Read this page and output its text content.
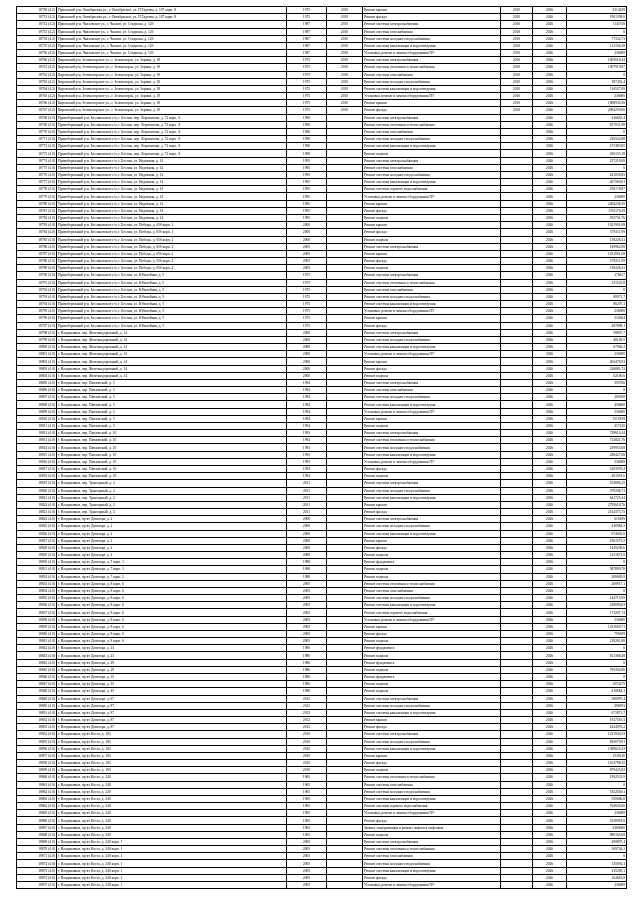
18750 (4.2)	Приокский р-н, Октябрьская ул., г. Октябрьское, ул. П.Тадеева, д. 107 корп. 8	1975	2010	Ремонт крыши	2010	2026	2314229
18751 (4.2)	Приокский р-н, Октябрьская ул., г. Октябрьское, ул. П.Тадеева, д. 107 корп. 8	1975	2010	Ремонт фасада	2010	2026	1901338,6
18752 (4.2)	Приокский р-н, Чкаловское ул., г. Чкалов, ул. Стадиона, д. 12б	1987	2010	Ремонт системы электроснабжения	2010	2026	1143749
18753 (4.2)	Приокский р-н, Чкаловское ул., г. Чкалов, ул. Стадиона, д. 12б	1987	2010	Ремонт системы газоснабжения	2010	2026	0
18754 (4.2)	Приокский р-н, Чкаловское ул., г. Чкалов, ул. Стадиона, д. 12б	1987	2010	Ремонт системы холодного водоснабжения	2010	2026	77332,73
18755 (4.2)	Приокский р-н, Чкаловское ул., г. Чкалов, ул. Стадиона, д. 12б	1987	2010	Ремонт системы канализации и водоотведения	2010	2026	121156,38
18756 (4.2)	Приокский р-н, Чкаловское ул., г. Чкалов, ул. Стадиона, д. 12б	1987	2010	Установка, ремонт и замена оборудования ПУ	2010	2026	236000
18760 (4.2)	Кировский р-н, Зеленогорское ул., г. Зеленогорск, ул. Зорина, д. 18	1975	2010	Ремонт системы электроснабжения	2010	2026	1005616,34
18761 (4.2)	Кировский р-н, Зеленогорское ул., г. Зеленогорск, ул. Зорина, д. 18	1975	2010	Ремонт системы отопления и теплоснабжения	2010	2026	1007919,87
18762 (4.2)	Кировский р-н, Зеленогорское ул., г. Зеленогорск, ул. Зорина, д. 18	1975	2010	Ремонт системы газоснабжения	2010	2026	0
18763 (4.2)	Кировский р-н, Зеленогорское ул., г. Зеленогорск, ул. Зорина, д. 18	1975	2010	Ремонт системы холодного водоснабжения	2010	2026	187452,4
18764 (4.2)	Кировский р-н, Зеленогорское ул., г. Зеленогорск, ул. Зорина, д. 18	1975	2010	Ремонт системы канализации и водоотведения	2010	2026	116527,09
18765 (4.2)	Кировский р-н, Зеленогорское ул., г. Зеленогорск, ул. Зорина, д. 18	1975	2010	Установка, ремонт и замена оборудования ПУ	2010	2026	236000
18766 (4.2)	Кировский р-н, Зеленогорское ул., г. Зеленогорск, ул. Зорина, д. 18	1975	2010	Ремонт крыши	2010	2026	1868930,38
18767 (4.2)	Кировский р-н, Зеленогорское ул., г. Зеленогорск, ул. Зорина, д. 18	1975	2010	Ремонт фасада	2010	2026	2964259,06
18768 (4.0)	Правобережный р-н, Беслановское г/п, г. Беслан, пер. Лермонтова, д. 72 корп. А	1990		Ремонт системы электроснабжения		2026	436655,4
18769 (4.0)	Правобережный р-н, Беслановское г/п, г. Беслан, пер. Лермонтова, д. 72 корп. А	1990		Ремонт системы отопления и теплоснабжения		2026	817031,98
18770 (4.0)	Правобережный р-н, Беслановское г/п, г. Беслан, пер. Лермонтова, д. 72 корп. А	1990		Ремонт системы газоснабжения		2026	0
18771 (4.0)	Правобережный р-н, Беслановское г/п, г. Беслан, пер. Лермонтова, д. 72 корп. А	1990		Ремонт системы холодного водоснабжения		2026	236522,88
18772 (4.0)	Правобережный р-н, Беслановское г/п, г. Беслан, пер. Лермонтова, д. 72 корп. А	1990		Ремонт системы канализации и водоотведения		2026	157483,85
18773 (4.0)	Правобережный р-н, Беслановское г/п, г. Беслан, пер. Лермонтова, д. 72 корп. А	1990		Ремонт подвала		2026	456133,18
18774 (4.0)	Правобережный р-н, Беслановское г/п, г. Беслан, ул. Надежная, д. 14	1995		Ремонт системы электроснабжения		2026	257218,69
18775 (4.0)	Правобережный р-н, Беслановское г/п, г. Беслан, ул. Надежная, д. 14	1995		Ремонт системы газоснабжения		2026	0
18776 (4.0)	Правобережный р-н, Беслановское г/п, г. Беслан, ул. Надежная, д. 14	1995		Ремонт системы холодного водоснабжения		2026	241058,85
18777 (4.0)	Правобережный р-н, Беслановское г/п, г. Беслан, ул. Надежная, д. 14	1995		Ремонт системы канализации и водоотведения		2026	407569,61
18778 (4.0)	Правобережный р-н, Беслановское г/п, г. Беслан, ул. Надежная, д. 14	1995		Ремонт системы горячего водоснабжения		2026	258178,87
18779 (4.0)	Правобережный р-н, Беслановское г/п, г. Беслан, ул. Надежная, д. 14	1995		Установка, ремонт и замена оборудования ПУ		2026	236000
18780 (4.0)	Правобережный р-н, Беслановское г/п, г. Беслан, ул. Надежная, д. 14	1995		Ремонт крыши		2026	2404238,39
18781 (4.0)	Правобережный р-н, Беслановское г/п, г. Беслан, ул. Надежная, д. 14	1995		Ремонт фасада		2026	1761176,39
18782 (4.0)	Правобережный р-н, Беслановское г/п, г. Беслан, ул. Надежная, д. 14	1995		Ремонт подвала		2026	353731,76
18783 (4.0)	Правобережный р-н, Беслановское г/п, г. Беслан, ул. Победы, д. 65б корп. 1	2000		Ремонт крыши		2026	1021901,08
18784 (4.0)	Правобережный р-н, Беслановское г/п, г. Беслан, ул. Победы, д. 65б корп. 1	2000		Ремонт фасада		2026	578111,99
18785 (4.0)	Правобережный р-н, Беслановское г/п, г. Беслан, ул. Победы, д. 65б корп. 1	2000		Ремонт подвала		2026	158226,41
18786 (4.0)	Правобережный р-н, Беслановское г/п, г. Беслан, ул. Победы, д. 65б корп. 2	2005		Ремонт системы электроснабжения		2026	149962,08
18787 (4.0)	Правобережный р-н, Беслановское г/п, г. Беслан, ул. Победы, д. 65б корп. 2	2005		Ремонт крыши		2026	1021901,08
18788 (4.0)	Правобережный р-н, Беслановское г/п, г. Беслан, ул. Победы, д. 65б корп. 2	2005		Ремонт фасада		2026	578111,99
18789 (4.0)	Правобережный р-н, Беслановское г/п, г. Беслан, ул. Победы, д. 65б корп. 2	2005		Ремонт подвала		2026	158226,41
18790 (4.0)	Правобережный р-н, Беслановское г/п, г. Беслан, ул. Юбилейная, д. 5	1975		Ремонт системы электроснабжения		2026	276617
18791 (4.0)	Правобережный р-н, Беслановское г/п, г. Беслан, ул. Юбилейная, д. 5	1975		Ремонт системы отопления и теплоснабжения		2026	141525,8
18792 (4.0)	Правобережный р-н, Беслановское г/п, г. Беслан, ул. Юбилейная, д. 5	1975		Ремонт системы газоснабжения		2026	0
18793 (4.0)	Правобережный р-н, Беслановское г/п, г. Беслан, ул. Юбилейная, д. 5	1975		Ремонт системы холодного водоснабжения		2026	89971,7
18794 (4.0)	Правобережный р-н, Беслановское г/п, г. Беслан, ул. Юбилейная, д. 5	1975		Ремонт системы канализации и водоотведения		2026	86207,3
18795 (4.0)	Правобережный р-н, Беслановское г/п, г. Беслан, ул. Юбилейная, д. 5	1975		Установка, ремонт и замена оборудования ПУ		2026	236000
18796 (4.0)	Правобережный р-н, Беслановское г/п, г. Беслан, ул. Юбилейная, д. 5	1975		Ремонт крыши		2026	216564
18797 (4.0)	Правобережный р-н, Беслановское г/п, г. Беслан, ул. Юбилейная, д. 5	1975		Ремонт фасада		2026	287809,1
18798 (4.0)	г. Владикавказ, пер. Железнодорожный, д. 14	2000		Ремонт системы электроснабжения		2026	58807,7
18799 (4.0)	г. Владикавказ, пер. Железнодорожный, д. 14	2000		Ремонт системы холодного водоснабжения		2026	40149,5
18800 (4.0)	г. Владикавказ, пер. Железнодорожный, д. 14	2000		Ремонт системы канализации и водоотведения		2026	67946,2
18801 (4.0)	г. Владикавказ, пер. Железнодорожный, д. 14	2000		Установка, ремонт и замена оборудования ПУ		2026	236000
18802 (4.0)	г. Владикавказ, пер. Железнодорожный, д. 14	2000		Ремонт крыши		2026	402478,93
18803 (4.0)	г. Владикавказ, пер. Железнодорожный, д. 14	2000		Ремонт фасада		2026	226881,72
18804 (4.0)	г. Владикавказ, пер. Железнодорожный, д. 14	2000		Ремонт подвала		2026	62100,6
18805 (4.0)	г. Владикавказ, пер. Павловский, д. 3	1994		Ремонт системы электроснабжения		2026	395760
18806 (4.0)	г. Владикавказ, пер. Павловский, д. 3	1994		Ремонт системы газоснабжения		2026	0
18807 (4.0)	г. Владикавказ, пер. Павловский, д. 3	1994		Ремонт системы холодного водоснабжения		2026	269100
18808 (4.0)	г. Владикавказ, пер. Павловский, д. 3	1994		Ремонт системы канализации и водоотведения		2026	456660
18809 (4.0)	г. Владикавказ, пер. Павловский, д. 3	1994		Установка, ремонт и замена оборудования ПУ		2026	236000
18810 (4.0)	г. Владикавказ, пер. Павловский, д. 3	1994		Ремонт крыши		2026	1510159
18811 (4.0)	г. Владикавказ, пер. Павловский, д. 3	1994		Ремонт подвала		2026	417220
18812 (4.0)	г. Владикавказ, пер. Павловский, д. 10	1993		Ремонт системы электроснабжения		2026	729614,44
18813 (4.0)	г. Владикавказ, пер. Павловский, д. 10	1993		Ремонт системы отопления и теплоснабжения		2026	712821,76
18814 (4.0)	г. Владикавказ, пер. Павловский, д. 10	1993		Ремонт системы холодного водоснабжения		2026	259955,08
18815 (4.0)	г. Владикавказ, пер. Павловский, д. 10	1993		Ремонт системы канализации и водоотведения		2026	438427,68
18816 (4.0)	г. Владикавказ, пер. Павловский, д. 10	1993		Установка, ремонт и замена оборудования ПУ		2026	236000
18817 (4.0)	г. Владикавказ, пер. Павловский, д. 10	1993		Ремонт фасада		2026	1463976,4
18818 (4.0)	г. Владикавказ, пер. Павловский, д. 10	1993		Ремонт подвала		2026	401591,6
18819 (4.0)	г. Владикавказ, пер. Тракторный, д. 2	2011		Ремонт системы электроснабжения		2026	554886,25
18820 (4.0)	г. Владикавказ, пер. Тракторный, д. 2	2011		Ремонт системы холодного водоснабжения		2026	379206,73
18821 (4.0)	г. Владикавказ, пер. Тракторный, д. 2	2011		Ремонт системы канализации и водоотведения		2026	641725,24
18822 (4.0)	г. Владикавказ, пер. Тракторный, д. 2	2011		Ремонт крыши		2026	2795618,76
18823 (4.0)	г. Владикавказ, пер. Тракторный, д. 2	2011		Ремонт фасада		2026	2144373,75
18824 (4.0)	г. Владикавказ, пр-кт Доватора, д. 2	2000		Ремонт системы электроснабжения		2026	616189
18825 (4.0)	г. Владикавказ, пр-кт Доватора, д. 2	2000		Ремонт системы холодного водоснабжения		2026	420984,5
18826 (4.0)	г. Владикавказ, пр-кт Доватора, д. 2	2000		Ремонт системы канализации и водоотведения		2026	674692,6
18827 (4.0)	г. Владикавказ, пр-кт Доватора, д. 2	2000		Ремонт крыши		2026	1961573,5
18828 (4.0)	г. Владикавказ, пр-кт Доватора, д. 2	2000		Ремонт фасада		2026	1445238,6
18829 (4.0)	г. Владикавказ, пр-кт Доватора, д. 2	2000		Ремонт подвала		2026	1251872,6
18830 (4.0)	г. Владикавказ, пр-кт Доватора, д. 7 корп. 1	1988		Ремонт фундамента		2026	0
18831 (4.0)	г. Владикавказ, пр-кт Доватора, д. 7 корп. 1	1988		Ремонт подвала		2026	587899,78
18832 (4.0)	г. Владикавказ, пр-кт Доватора, д. 7 корп. 2	1988		Ремонт подвала		2026	206849,9
18833 (4.0)	г. Владикавказ, пр-кт Доватора, д. 8 корп. 6	2005		Ремонт системы отопления и теплоснабжения		2026	269917,1
18834 (4.0)	г. Владикавказ, пр-кт Доватора, д. 8 корп. 6	2005		Ремонт системы газоснабжения		2026	0
18835 (4.0)	г. Владикавказ, пр-кт Доватора, д. 8 корп. 6	2005		Ремонт системы холодного водоснабжения		2026	144715,95
18836 (4.0)	г. Владикавказ, пр-кт Доватора, д. 8 корп. 6	2005		Ремонт системы канализации и водоотведения		2026	238090,03
18837 (4.0)	г. Владикавказ, пр-кт Доватора, д. 8 корп. 6	2005		Ремонт системы горячего водоснабжения		2026	173207,74
18838 (4.0)	г. Владикавказ, пр-кт Доватора, д. 8 корп. 6	2005		Установка, ремонт и замена оборудования ПУ		2026	236000
18839 (4.0)	г. Владикавказ, пр-кт Доватора, д. 8 корп. 6	2005		Ремонт крыши		2026	1431600,71
18840 (4.0)	г. Владикавказ, пр-кт Доватора, д. 8 корп. 6	2005		Ремонт фасада		2026	795639
18841 (4.0)	г. Владикавказ, пр-кт Доватора, д. 8 корп. 6	2005		Ремонт подвала		2026	218281,88
18842 (4.0)	г. Владикавказ, пр-кт Доватора, д. 23	1986		Ремонт фундамента		2026	0
18843 (4.0)	г. Владикавказ, пр-кт Доватора, д. 23	1986		Ремонт подвала		2026	811368,48
18844 (4.0)	г. Владикавказ, пр-кт Доватора, д. 29	1986		Ремонт фундамента		2026	0
18845 (4.0)	г. Владикавказ, пр-кт Доватора, д. 29	1986		Ремонт подвала		2026	795302,86
18846 (4.0)	г. Владикавказ, пр-кт Доватора, д. 35	1986		Ремонт фундамента		2026	0
18847 (4.0)	г. Владикавказ, пр-кт Доватора, д. 35	1986		Ремонт подвала		2026	1053279
18848 (4.0)	г. Владикавказ, пр-кт Доватора, д. 45	1980		Ремонт подвала		2026	410684,3
18849 (4.0)	г. Владикавказ, пр-кт Доватора, д. 67	2012		Ремонт системы электроснабжения		2026	580997,4
18850 (4.0)	г. Владикавказ, пр-кт Доватора, д. 87	2012		Ремонт системы холодного водоснабжения		2026	396953
18851 (4.0)	г. Владикавказ, пр-кт Доватора, д. 87	2012		Ремонт системы канализации и водоотведения		2026	671871,7
18852 (4.0)	г. Владикавказ, пр-кт Доватора, д. 87	2012		Ремонт крыши		2026	1927516,3
18853 (4.0)	г. Владикавказ, пр-кт Доватора, д. 87	2012		Ремонт фасада		2026	2244976,2
18854 (4.0)	г. Владикавказ, пр-кт Коста, д. 183	2010		Ремонт системы электроснабжения		2026	1221944,33
18855 (4.0)	г. Владикавказ, пр-кт Коста, д. 183	2010		Ремонт системы холодного водоснабжения		2026	835079,91
18856 (4.0)	г. Владикавказ, пр-кт Коста, д. 183	2010		Ремонт системы канализации и водоотведения		2026	1389023,33
18857 (4.0)	г. Владикавказ, пр-кт Коста, д. 183	2010		Ремонт крыши		2026	1538120
18858 (4.0)	г. Владикавказ, пр-кт Коста, д. 183	2010		Ремонт фасада		2026	1614798,35
18859 (4.0)	г. Владикавказ, пр-кт Коста, д. 183	2010		Ремонт подвала		2026	879425,82
18860 (4.0)	г. Владикавказ, пр-кт Коста, д. 240	1965		Ремонт системы отопления и теплоснабжения		2026	1992531,9
18861 (4.0)	г. Владикавказ, пр-кт Коста, д. 240	1965		Ремонт системы газоснабжения		2026	0
18862 (4.0)	г. Владикавказ, пр-кт Коста, д. 240	1965		Ремонт системы холодного водоснабжения		2026	535258,61
18863 (4.0)	г. Владикавказ, пр-кт Коста, д. 240	1965		Ремонт системы канализации и водоотведения		2026	550686,8
18864 (4.0)	г. Владикавказ, пр-кт Коста, д. 240	1965		Ремонт системы горячего водоснабжения		2026	764945,66
18865 (4.0)	г. Владикавказ, пр-кт Коста, д. 240	1965		Установка, ремонт и замена оборудования ПУ		2026	236000
18866 (4.0)	г. Владикавказ, пр-кт Коста, д. 240	1965		Ремонт фасада		2026	5238918,6
18867 (4.0)	г. Владикавказ, пр-кт Коста, д. 240	1965		Замена, модернизация и ремонт лифтов в лифтовом		2026	3360000
18868 (4.0)	г. Владикавказ, пр-кт Коста, д. 240	1965		Ремонт подвала		2026	880165,69
18869 (4.0)	г. Владикавказ, пр-кт Коста, д. 240 корп. 1	2005		Ремонт системы электроснабжения		2026	498897,4
18870 (4.0)	г. Владикавказ, пр-кт Коста, д. 240 корп. 1	2005		Ремонт системы отопления и теплоснабжения		2026	369744,2
18871 (4.0)	г. Владикавказ, пр-кт Коста, д. 240 корп. 1	2005		Ремонт системы газоснабжения		2026	0
18872 (4.0)	г. Владикавказ, пр-кт Коста, д. 240 корп. 1	2005		Ремонт системы холодного водоснабжения		2026	135092,3
18873 (4.0)	г. Владикавказ, пр-кт Коста, д. 240 корп. 1	2005		Ремонт системы канализации и водоотведения		2026	235285,1
18874 (4.0)	г. Владикавказ, пр-кт Коста, д. 240 корп. 1	2005		Ремонт фасада		2026	162663,8
18875 (4.0)	г. Владикавказ, пр-кт Коста, д. 240 корп. 1	2005		Установка, ремонт и замена оборудования ПУ		2026	236000
